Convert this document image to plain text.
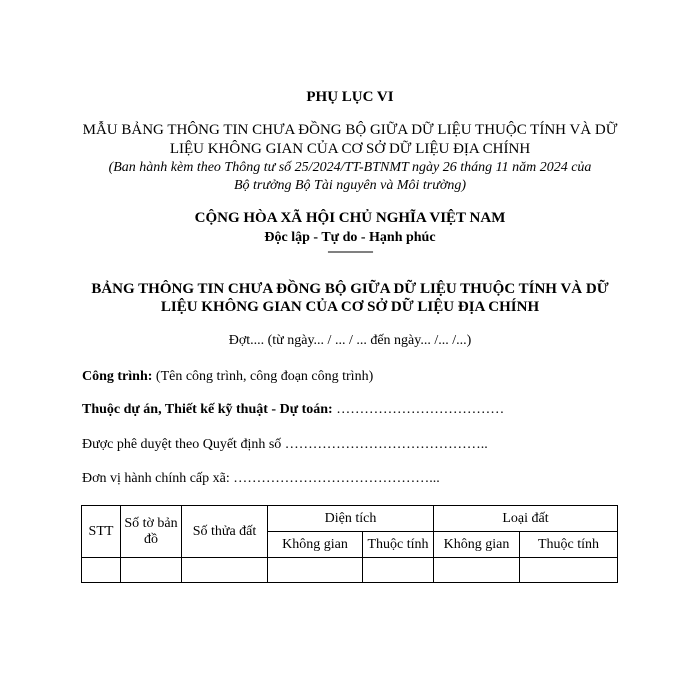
PHỤ LỤC VI
MẪU BẢNG THÔNG TIN CHƯA ĐỒNG BỘ GIỮA DỮ LIỆU THUỘC TÍNH VÀ DỮ
LIỆU KHÔNG GIAN CỦA CƠ SỞ DỮ LIỆU ĐỊA CHÍNH
(Ban hành kèm theo Thông tư số 25/2024/TT-BTNMT ngày 26 tháng 11 năm 2024 của
Bộ trưởng Bộ Tài nguyên và Môi trường)
CỘNG HÒA XÃ HỘI CHỦ NGHĨA VIỆT NAM
Độc lập - Tự do - Hạnh phúc
---------------
BẢNG THÔNG TIN CHƯA ĐỒNG BỘ GIỮA DỮ LIỆU THUỘC TÍNH VÀ DỮ
LIỆU KHÔNG GIAN CỦA CƠ SỞ DỮ LIỆU ĐỊA CHÍNH
Đợt.... (từ ngày... / ... / ... đến ngày... /... /...)
Công trình: (Tên công trình, công đoạn công trình)
Thuộc dự án, Thiết kế kỹ thuật - Dự toán: ………………………………
Được phê duyệt theo Quyết định số ……………………………………..
Đơn vị hành chính cấp xã: ……………………………………...
STT	Số tờ bản đồ	Số thửa đất	Diện tích		Loại đất	
			Không gian	Thuộc tính	Không gian	Thuộc tính
